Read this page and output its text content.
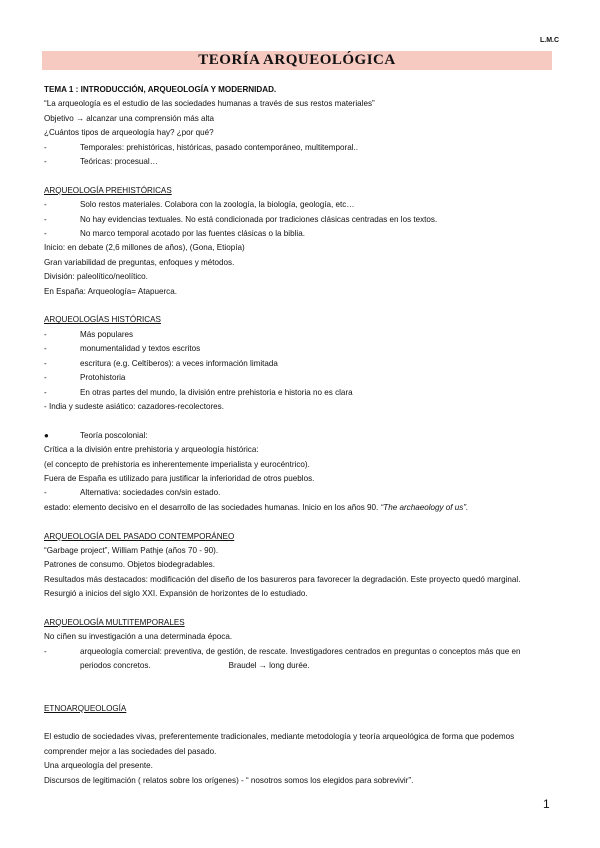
L.M.C
TEORÍA ARQUEOLÓGICA
TEMA 1 : INTRODUCCIÓN, ARQUEOLOGÍA Y MODERNIDAD.
“La arqueología es el estudio de las sociedades humanas a través de sus restos materiales”
Objetivo → alcanzar una comprensión más alta
¿Cuántos tipos de arqueología hay? ¿por qué?
-	Temporales: prehistóricas, históricas, pasado contemporáneo, multitemporal..
-	Teóricas: procesual…
ARQUEOLOGÍA PREHISTÓRICAS
-	Solo restos materiales. Colabora con la zoología, la biología, geología, etc…
-	No hay evidencias textuales. No está condicionada por tradiciones clásicas centradas en los textos.
-	No marco temporal acotado por las fuentes clásicas o la biblia.
Inicio: en debate (2,6 millones de años), (Gona, Etiopía)
Gran variabilidad de preguntas, enfoques y métodos.
División: paleolítico/neolítico.
En España: Arqueología= Atapuerca.
ARQUEOLOGÍAS HISTÓRICAS
-	Más populares
-	monumentalidad y textos escritos
-	escritura (e.g. Celtíberos): a veces información limitada
-	Protohistoria
-	En otras partes del mundo, la división entre prehistoria e historia no es clara
- India y sudeste asiático: cazadores-recolectores.
●	Teoría poscolonial:
Crítica a la división entre prehistoria y arqueología histórica:
(el concepto de prehistoria es inherentemente imperialista y eurocéntrico).
Fuera de España es utilizado para justificar la inferioridad de otros pueblos.
-	Alternativa: sociedades con/sin estado.
estado: elemento decisivo en el desarrollo de las sociedades humanas. Inicio en los años 90. “The archaeology of us”.
ARQUEOLOGÍA DEL PASADO CONTEMPORÁNEO
“Garbage project”, William Pathje (años 70 - 90).
Patrones de consumo. Objetos biodegradables.
Resultados más destacados: modificación del diseño de los basureros para favorecer la degradación. Este proyecto quedó marginal.
Resurgió a inicios del siglo XXI. Expansión de horizontes de lo estudiado.
ARQUEOLOGÍA MULTITEMPORALES
No ciñen su investigación a una determinada época.
-	arqueología comercial: preventiva, de gestión, de rescate. Investigadores centrados en preguntas o conceptos más que en
periodos concretos.	Braudel → long durée.
ETNOARQUEOLOGÍA
El estudio de sociedades vivas, preferentemente tradicionales, mediante metodología y teoría arqueológica de forma que podemos
comprender mejor a las sociedades del pasado.
Una arqueología del presente.
Discursos de legitimación ( relatos sobre los orígenes) - “ nosotros somos los elegidos para sobrevivir”.
1
